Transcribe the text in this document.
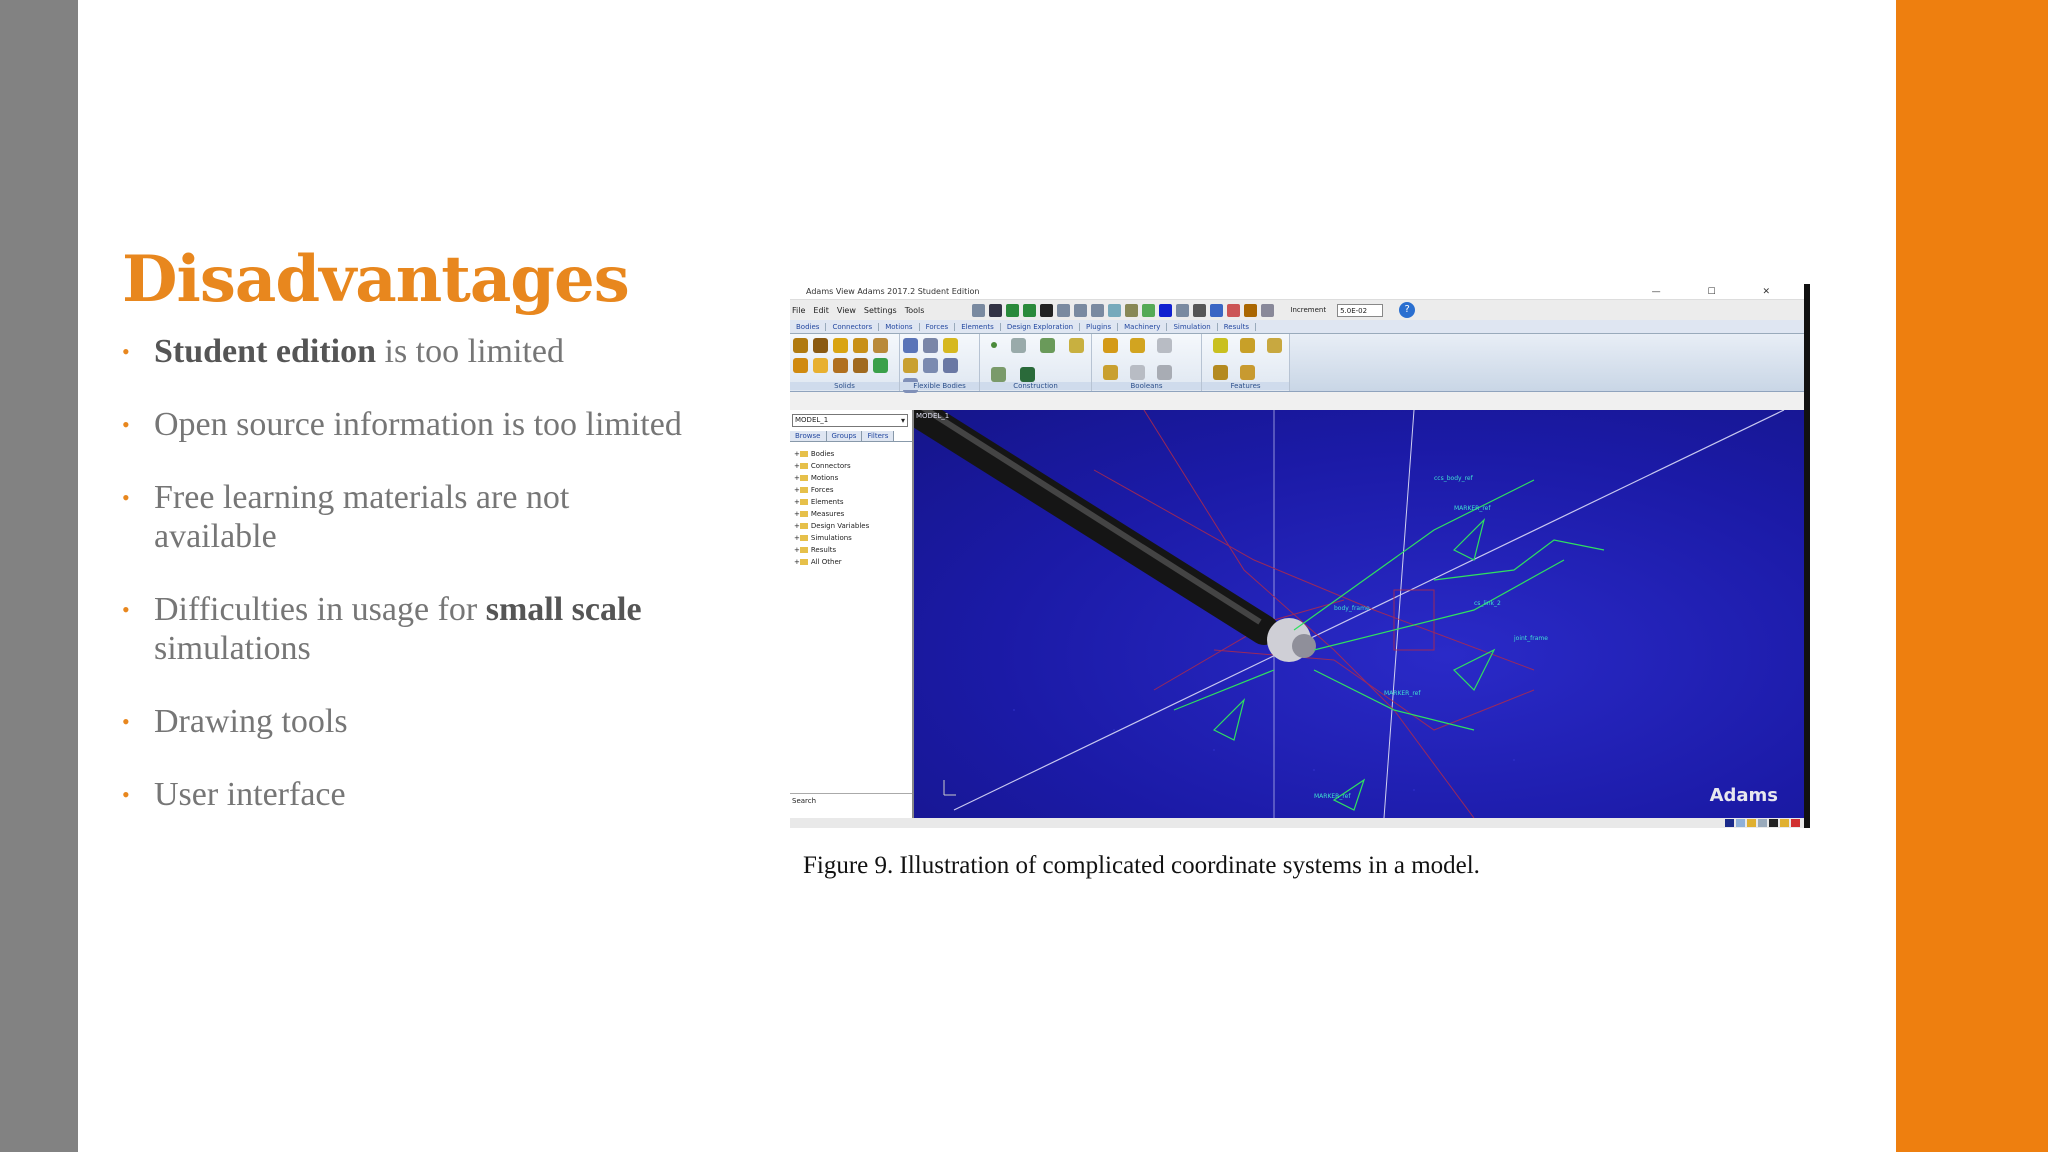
Disadvantages
• Student edition is too limited
• Open source information is too limited
• Free learning materials are not available
• Difficulties in usage for small scale simulations
• Drawing tools
• User interface
Adams View Adams 2017.2 Student Edition	— ☐ ✕
File Edit View Settings Tools	Increment	5.0E-02	?
Bodies	Connectors	Motions	Forces	Elements	Design Exploration	Plugins	Machinery	Simulation	Results
Solids	Flexible Bodies	Construction	Booleans	Features
MODEL_1 ▾
Browse	Groups	Filters
+ Bodies
+ Connectors
+ Motions
+ Forces
+ Elements
+ Measures
+ Design Variables
+ Simulations
+ Results
+ All Other
Search
ccs_body_ref
MARKER_ref
body_frame
cs_link_2
joint_frame
MARKER_ref
MARKER_ref
MODEL_1
Adams
Figure 9. Illustration of complicated coordinate systems in a model.
